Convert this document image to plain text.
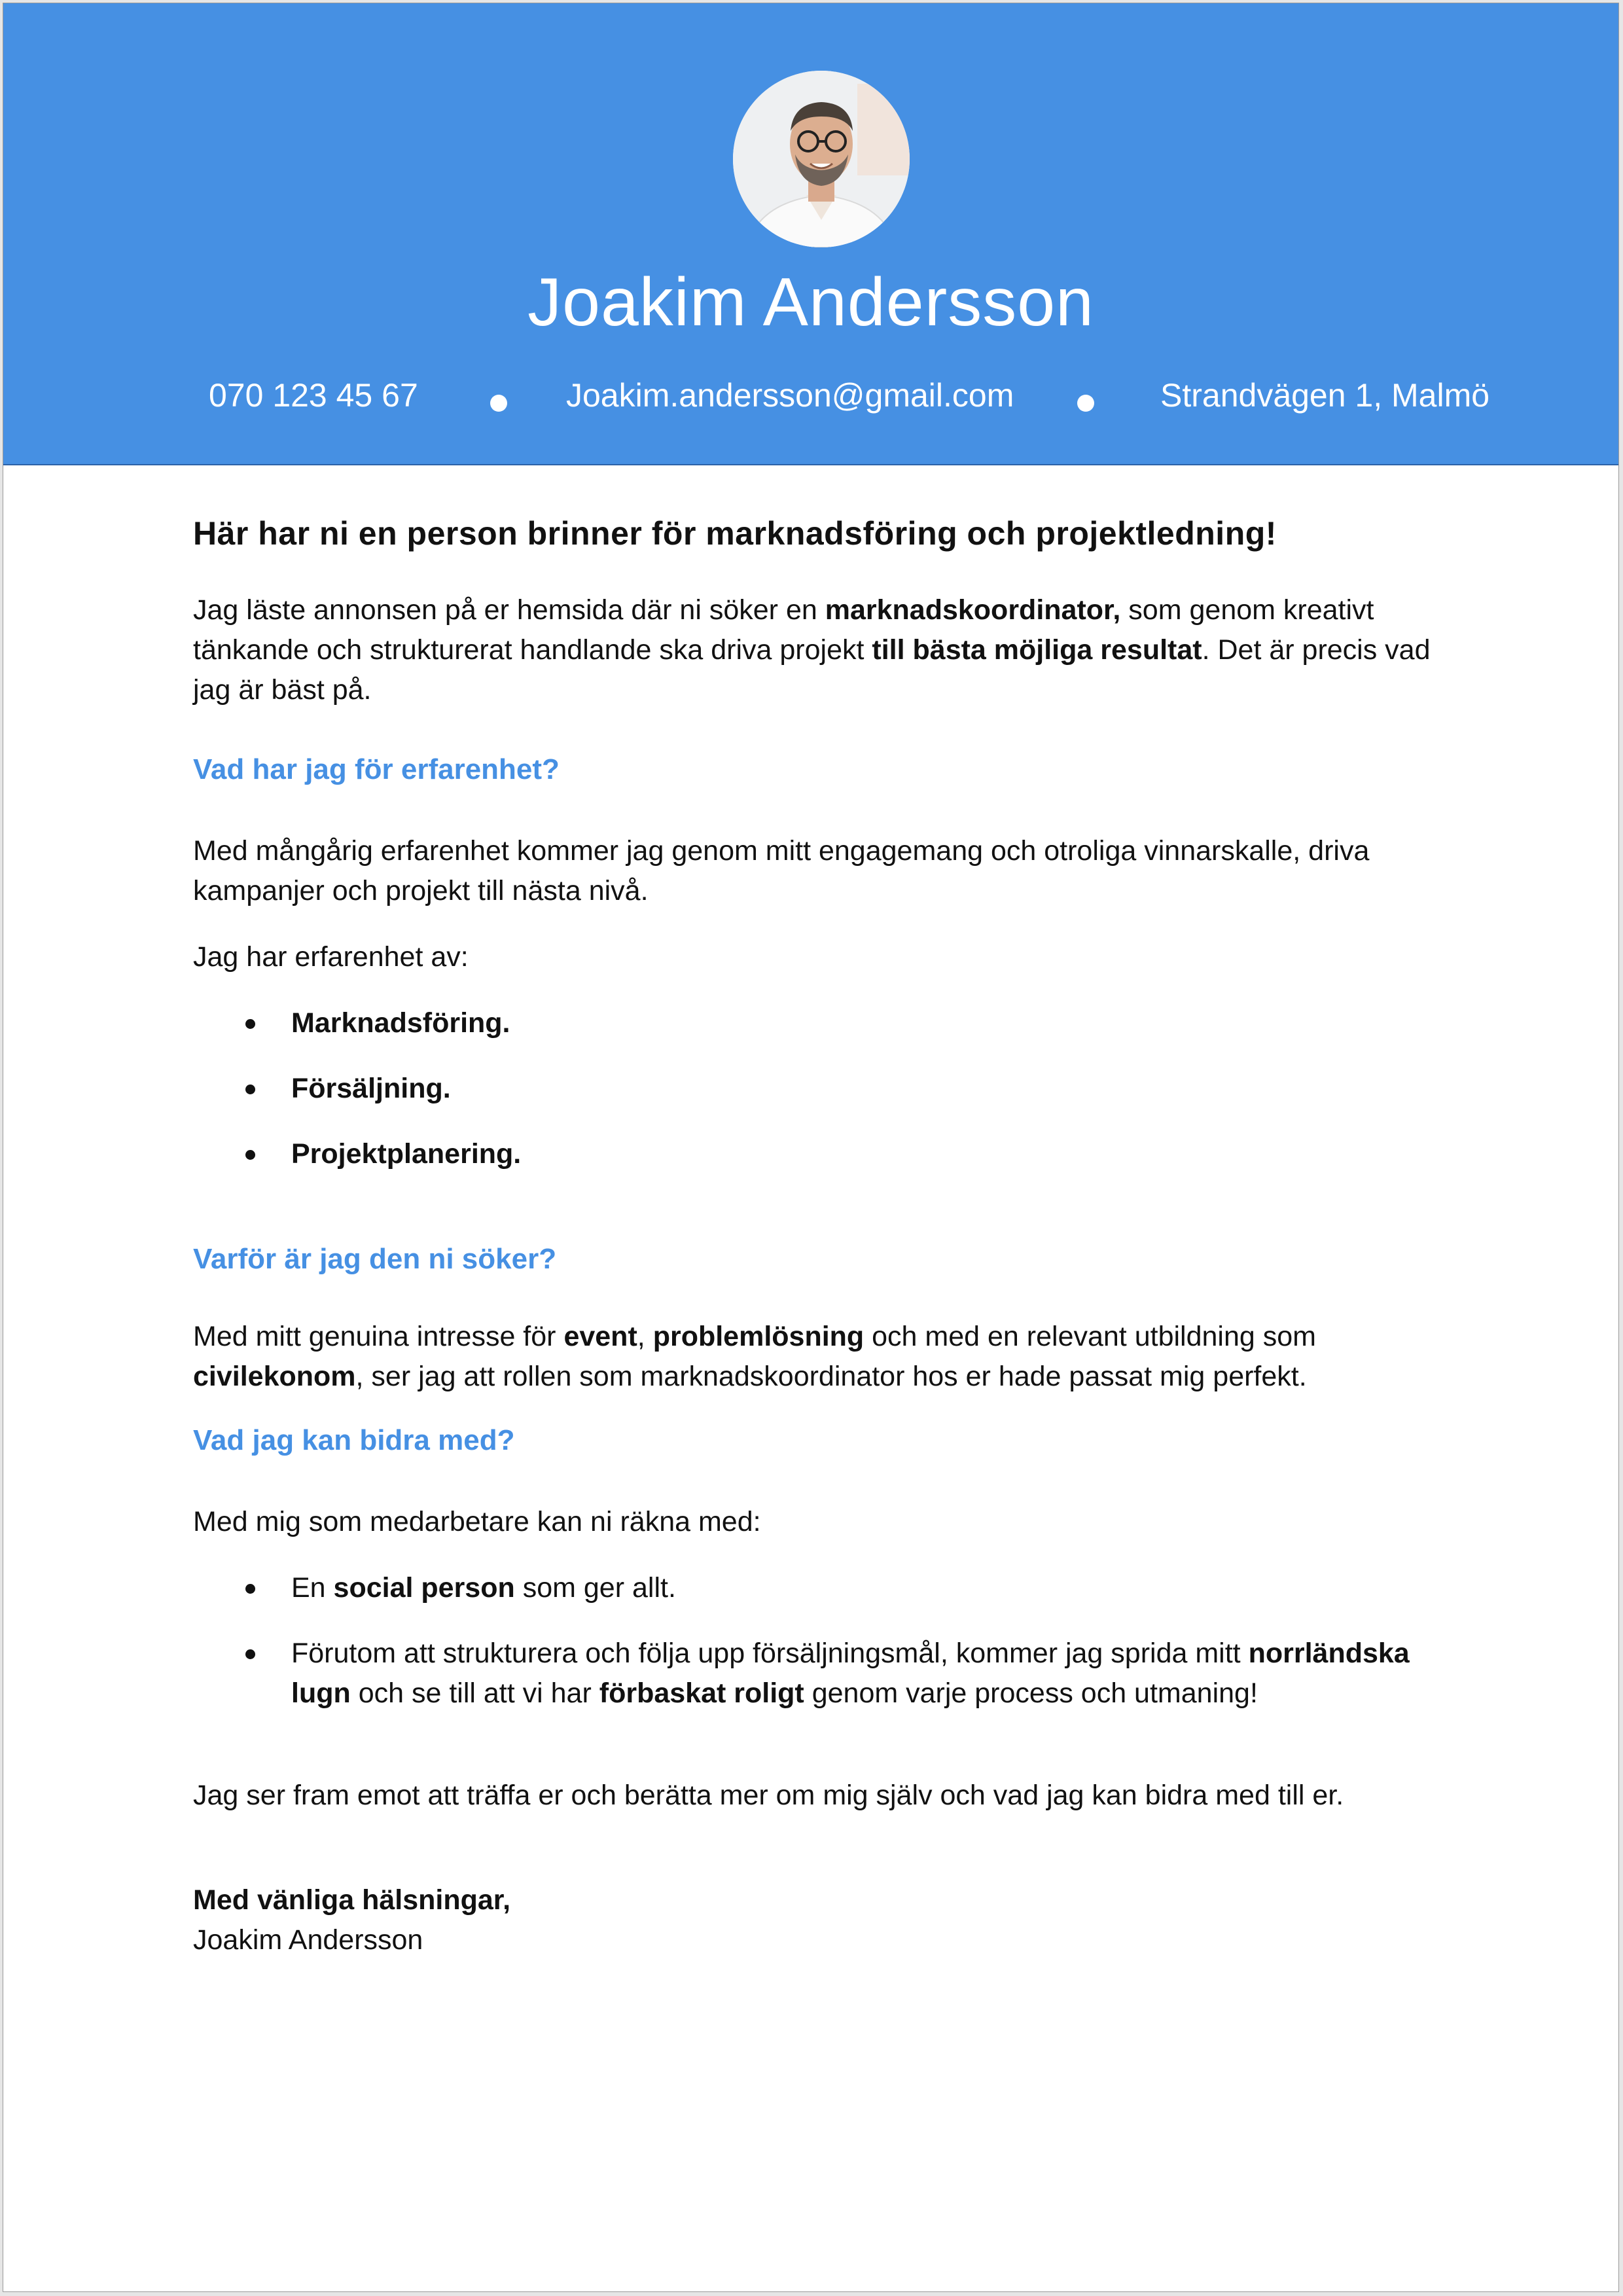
Joakim Andersson
070 123 45 67	Joakim.andersson@gmail.com	Strandvägen 1, Malmö

Här har ni en person brinner för marknadsföring och projektledning!

Jag läste annonsen på er hemsida där ni söker en marknadskoordinator, som genom kreativt tänkande och strukturerat handlande ska driva projekt till bästa möjliga resultat. Det är precis vad jag är bäst på.

Vad har jag för erfarenhet?

Med mångårig erfarenhet kommer jag genom mitt engagemang och otroliga vinnarskalle, driva kampanjer och projekt till nästa nivå.

Jag har erfarenhet av:

Marknadsföring.
Försäljning.
Projektplanering.
Varför är jag den ni söker?

Med mitt genuina intresse för event, problemlösning och med en relevant utbildning som civilekonom, ser jag att rollen som marknadskoordinator hos er hade passat mig perfekt.

Vad jag kan bidra med?

Med mig som medarbetare kan ni räkna med:

En social person som ger allt.
Förutom att strukturera och följa upp försäljningsmål, kommer jag sprida mitt norrländska lugn och se till att vi har förbaskat roligt genom varje process och utmaning!

Jag ser fram emot att träffa er och berätta mer om mig själv och vad jag kan bidra med till er.

Med vänliga hälsningar,

Joakim Andersson
